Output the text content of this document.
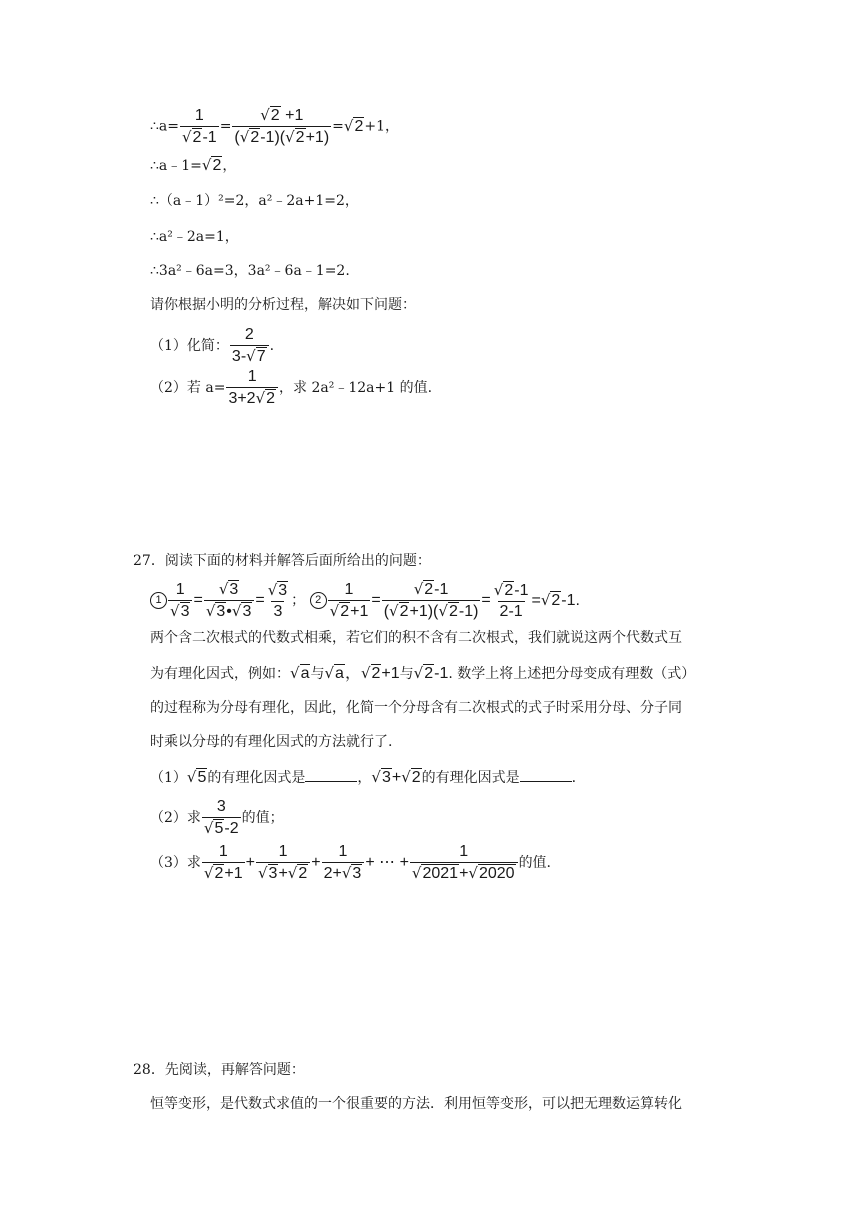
∴a= $\frac{1}{√ 2 -1} = \frac{√ 2 +1}{( √ 2 -1)( √ 2 +1)}$ = √ 2 +1，
∴a﹣1= √ 2 ，
∴（a﹣1）²=2，a²﹣2a+1=2，
∴a²﹣2a=1，
∴3a²﹣6a=3，3a²﹣6a﹣1=2.
请你根据小明的分析过程，解决如下问题：
（1）化简： $\frac{2}{3- √ 7}$ .
（2）若 $a= \frac{1}{3+2 √ 2}$ ，求 2a²﹣12a+1 的值.
27．阅读下面的材料并解答后面所给出的问题：
$1 \frac{1}{√ 3} = \frac{√ 3}{√ 3 • √ 3} = \frac{√ 3}{3}$ ； $2 \frac{1}{√ 2 +1} = \frac{√ 2 -1}{( √ 2 +1)( √ 2 -1)} = \frac{√ 2 -1}{2-1}$ = √ 2 -1.
两个含二次根式的代数式相乘，若它们的积不含有二次根式，我们就说这两个代数式互
为有理化因式，例如： √ a 与 √ a ， √ 2 +1与 √ 2 -1. 数学上将上述把分母变成有理数（式）
的过程称为分母有理化，因此，化简一个分母含有二次根式的式子时采用分母、分子同
时乘以分母的有理化因式的方法就行了.
（1） √ 5 的有理化因式是	， √ 3 + √ 2 的有理化因式是	.
（2）求 $\frac{3}{√ 5 -2}$ 的值；
（3）求 $\frac{1}{√ 2 +1} + \frac{1}{√ 3 + √ 2} + \frac{1}{2+ √ 3}$ + ⋯ + $\frac{1}{√ 2021 + √ 2020}$ 的值.
28．先阅读，再解答问题：
恒等变形，是代数式求值的一个很重要的方法．利用恒等变形，可以把无理数运算转化
